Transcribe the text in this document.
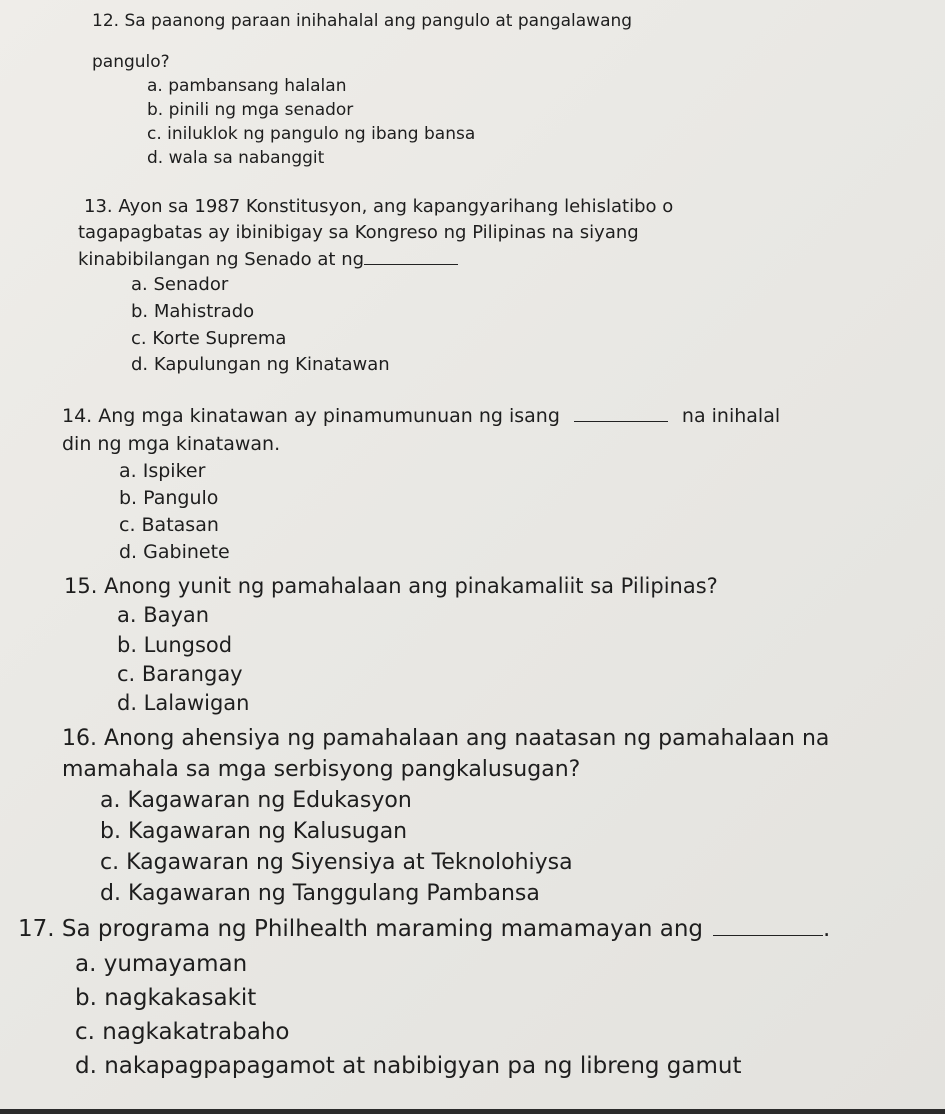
12. Sa paanong paraan inihahalal ang pangulo at pangalawang
pangulo?
a. pambansang halalan
b. pinili ng mga senador
c. iniluklok ng pangulo ng ibang bansa
d. wala sa nabanggit
13. Ayon sa 1987 Konstitusyon, ang kapangyarihang lehislatibo o
tagapagbatas ay ibinibigay sa Kongreso ng Pilipinas na siyang
kinabibilangan ng Senado at ng
a. Senador
b. Mahistrado
c. Korte Suprema
d. Kapulungan ng Kinatawan
14. Ang mga kinatawan ay pinamumunuan ng isang	na inihalal
din ng mga kinatawan.
a. Ispiker
b. Pangulo
c. Batasan
d. Gabinete
15. Anong yunit ng pamahalaan ang pinakamaliit sa Pilipinas?
a. Bayan
b. Lungsod
c. Barangay
d. Lalawigan
16. Anong ahensiya ng pamahalaan ang naatasan ng pamahalaan na
mamahala sa mga serbisyong pangkalusugan?
a. Kagawaran ng Edukasyon
b. Kagawaran ng Kalusugan
c. Kagawaran ng Siyensiya at Teknolohiysa
d. Kagawaran ng Tanggulang Pambansa
17. Sa programa ng Philhealth maraming mamamayan ang	.
a. yumayaman
b. nagkakasakit
c. nagkakatrabaho
d. nakapagpapagamot at nabibigyan pa ng libreng gamut
